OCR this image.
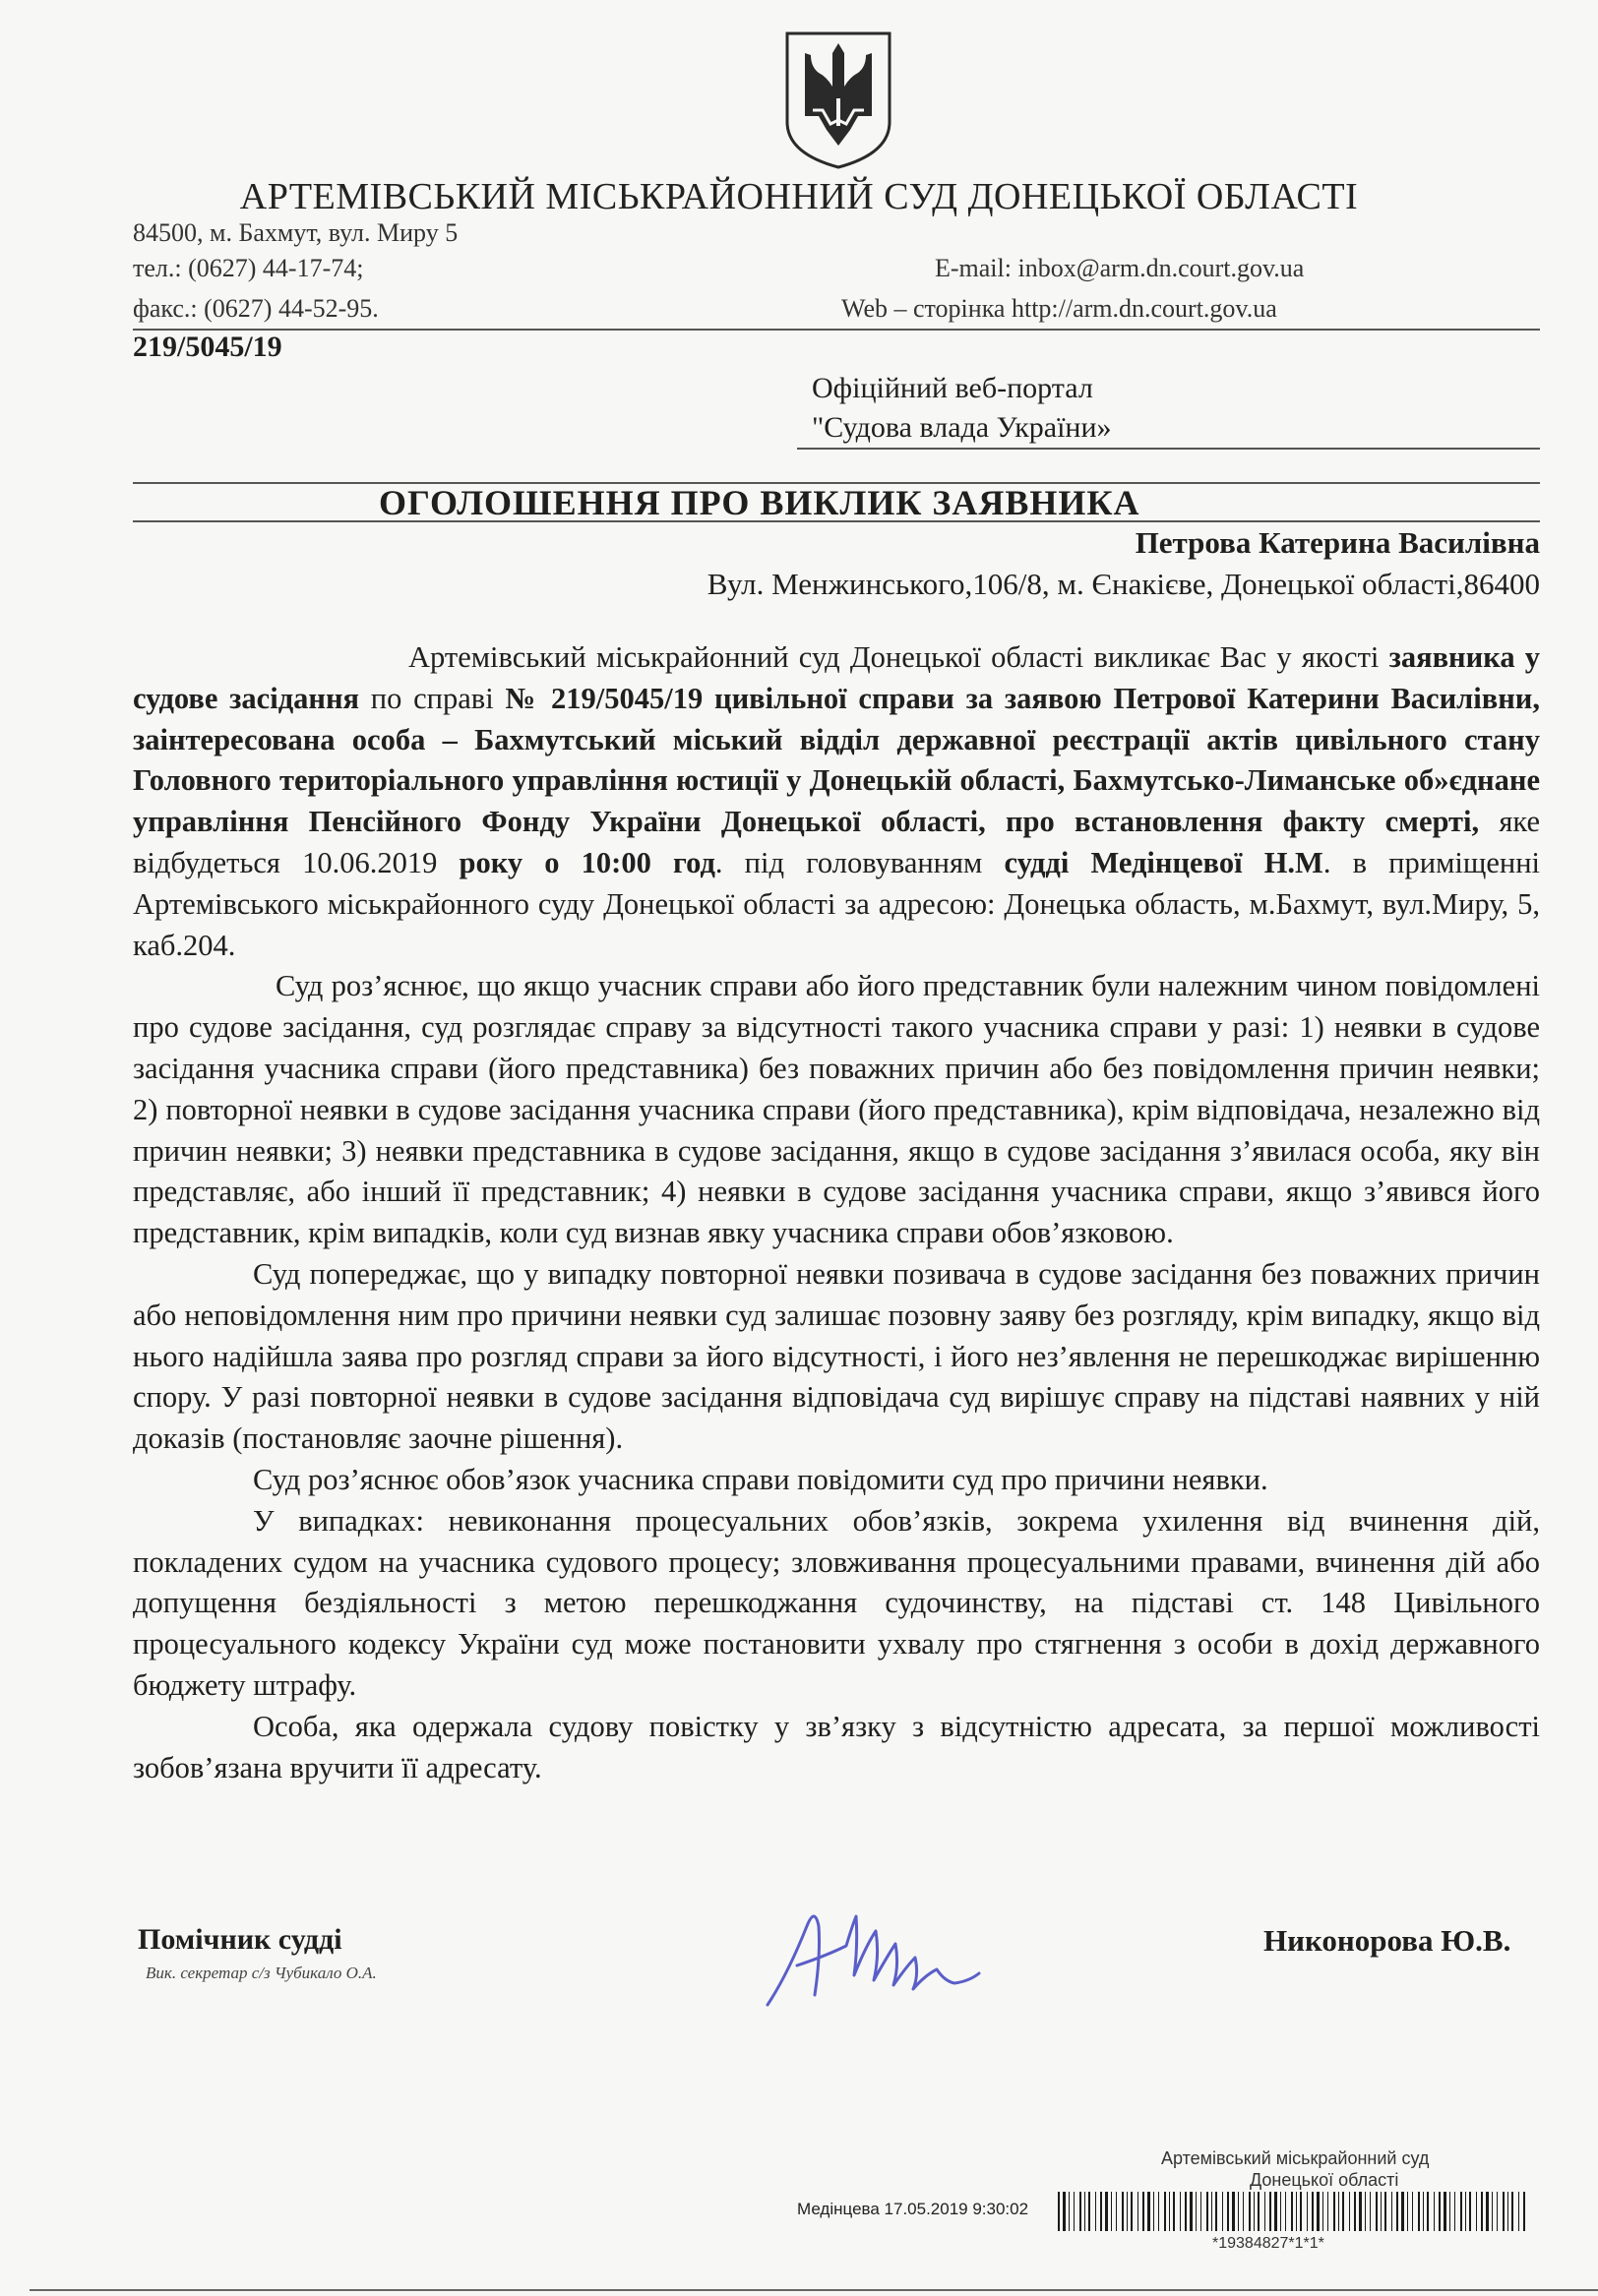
АРТЕМІВСЬКИЙ МІСЬКРАЙОННИЙ СУД ДОНЕЦЬКОЇ ОБЛАСТІ
84500, м. Бахмут, вул. Миру 5
тел.: (0627) 44-17-74;	E-mail: inbox@arm.dn.court.gov.ua
факс.: (0627) 44-52-95.	Web – сторінка http://arm.dn.court.gov.ua
219/5045/19
Офіційний веб-портал
"Судова влада України»
ОГОЛОШЕННЯ ПРО ВИКЛИК ЗАЯВНИКА
Петрова Катерина Василівна
Вул. Менжинського,106/8, м. Єнакієве, Донецької області,86400

Артемівський міськрайонний суд Донецької області викликає Вас у якості заявника у судове засідання по справі № 219/5045/19 цивільної справи за заявою Петрової Катерини Василівни, заінтересована особа – Бахмутський міський відділ державної реєстрації актів цивільного стану Головного територіального управління юстиції у Донецькій області, Бахмутсько-Лиманське об»єднане управління Пенсійного Фонду України Донецької області, про встановлення факту смерті, яке відбудеться 10.06.2019 року о 10:00 год. під головуванням судді Медінцевої Н.М. в приміщенні Артемівського міськрайонного суду Донецької області за адресою: Донецька область, м.Бахмут, вул.Миру, 5, каб.204.

Суд роз’яснює, що якщо учасник справи або його представник були належним чином повідомлені про судове засідання, суд розглядає справу за відсутності такого учасника справи у разі: 1) неявки в судове засідання учасника справи (його представника) без поважних причин або без повідомлення причин неявки; 2) повторної неявки в судове засідання учасника справи (його представника), крім відповідача, незалежно від причин неявки; 3) неявки представника в судове засідання, якщо в судове засідання з’явилася особа, яку він представляє, або інший її представник; 4) неявки в судове засідання учасника справи, якщо з’явився його представник, крім випадків, коли суд визнав явку учасника справи обов’язковою.

Суд попереджає, що у випадку повторної неявки позивача в судове засідання без поважних причин або неповідомлення ним про причини неявки суд залишає позовну заяву без розгляду, крім випадку, якщо від нього надійшла заява про розгляд справи за його відсутності, і його нез’явлення не перешкоджає вирішенню спору. У разі повторної неявки в судове засідання відповідача суд вирішує справу на підставі наявних у ній доказів (постановляє заочне рішення).

Суд роз’яснює обов’язок учасника справи повідомити суд про причини неявки.

У випадках: невиконання процесуальних обов’язків, зокрема ухилення від вчинення дій, покладених судом на учасника судового процесу; зловживання процесуальними правами, вчинення дій або допущення бездіяльності з метою перешкоджання судочинству, на підставі ст. 148 Цивільного процесуального кодексу України суд може постановити ухвалу про стягнення з особи в дохід державного бюджету штрафу.

Особа, яка одержала судову повістку у зв’язку з відсутністю адресата, за першої можливості зобов’язана вручити її адресату.

Помічник судді
Вик. секретар с/з Чубикало О.А.
Никонорова Ю.В.
Артемівський міськрайонний суд
Донецької області
Медінцева 17.05.2019 9:30:02
*19384827*1*1*
